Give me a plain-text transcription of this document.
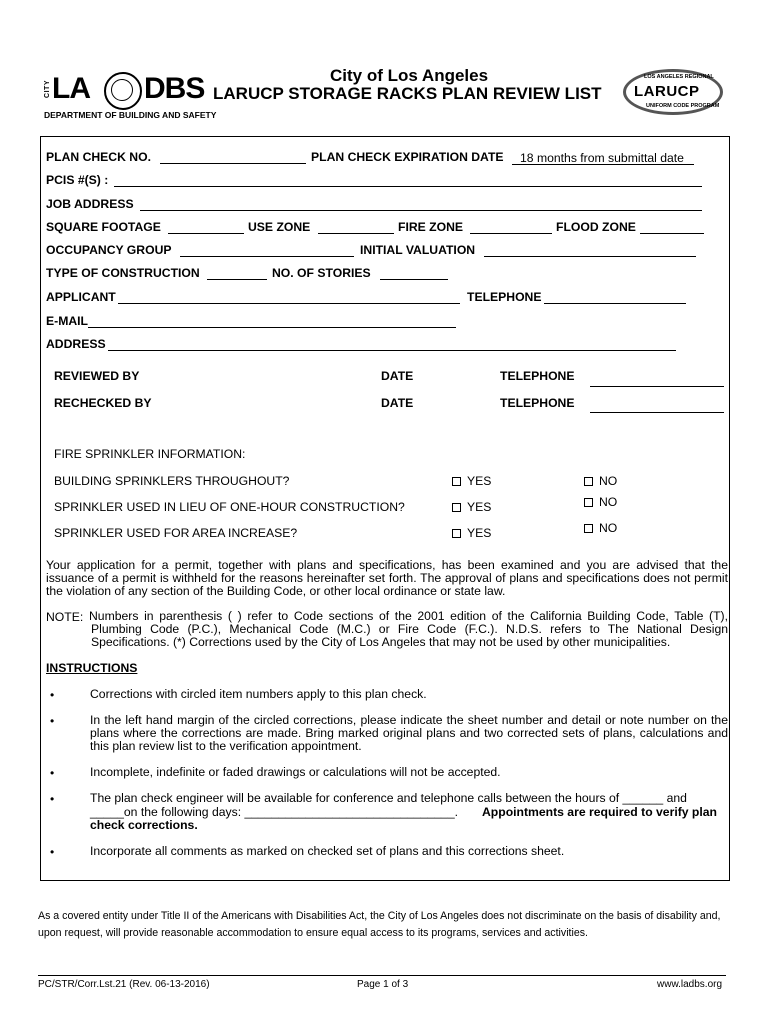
CITY LA DBS
DEPARTMENT OF BUILDING AND SAFETY
City of Los Angeles
LARUCP STORAGE RACKS PLAN REVIEW LIST
LOS ANGELES REGIONAL
LARUCP
UNIFORM CODE PROGRAM
PLAN CHECK NO.	PLAN CHECK EXPIRATION DATE 18 months from submittal date
PCIS #(S) :
JOB ADDRESS
SQUARE FOOTAGE	USE ZONE	FIRE ZONE	FLOOD ZONE
OCCUPANCY GROUP	INITIAL VALUATION
TYPE OF CONSTRUCTION	NO. OF STORIES
APPLICANT	TELEPHONE
E-MAIL
ADDRESS
REVIEWED BY	DATE	TELEPHONE
RECHECKED BY	DATE	TELEPHONE
FIRE SPRINKLER INFORMATION:
BUILDING SPRINKLERS THROUGHOUT?	YES	NO
SPRINKLER USED IN LIEU OF ONE-HOUR CONSTRUCTION?	YES	NO
SPRINKLER USED FOR AREA INCREASE?	YES	NO
Your application for a permit, together with plans and specifications, has been examined and you are advised that the issuance of a permit is withheld for the reasons hereinafter set forth. The approval of plans and specifications does not permit the violation of any section of the Building Code, or other local ordinance or state law.
NOTE: Numbers in parenthesis ( ) refer to Code sections of the 2001 edition of the California Building Code, Table (T), Plumbing Code (P.C.), Mechanical Code (M.C.) or Fire Code (F.C.). N.D.S. refers to The National Design Specifications. (*) Corrections used by the City of Los Angeles that may not be used by other municipalities.
INSTRUCTIONS
•	Corrections with circled item numbers apply to this plan check.
•	In the left hand margin of the circled corrections, please indicate the sheet number and detail or note number on the plans where the corrections are made. Bring marked original plans and two corrected sets of plans, calculations and this plan review list to the verification appointment.
•	Incomplete, indefinite or faded drawings or calculations will not be accepted.
•	The plan check engineer will be available for conference and telephone calls between the hours of ______ and
_____on the following days: _______________________________. Appointments are required to verify plan
check corrections.
•	Incorporate all comments as marked on checked set of plans and this corrections sheet.
As a covered entity under Title II of the Americans with Disabilities Act, the City of Los Angeles does not discriminate on the basis of disability and, upon request, will provide reasonable accommodation to ensure equal access to its programs, services and activities.
PC/STR/Corr.Lst.21 (Rev. 06-13-2016)	Page 1 of 3	www.ladbs.org
